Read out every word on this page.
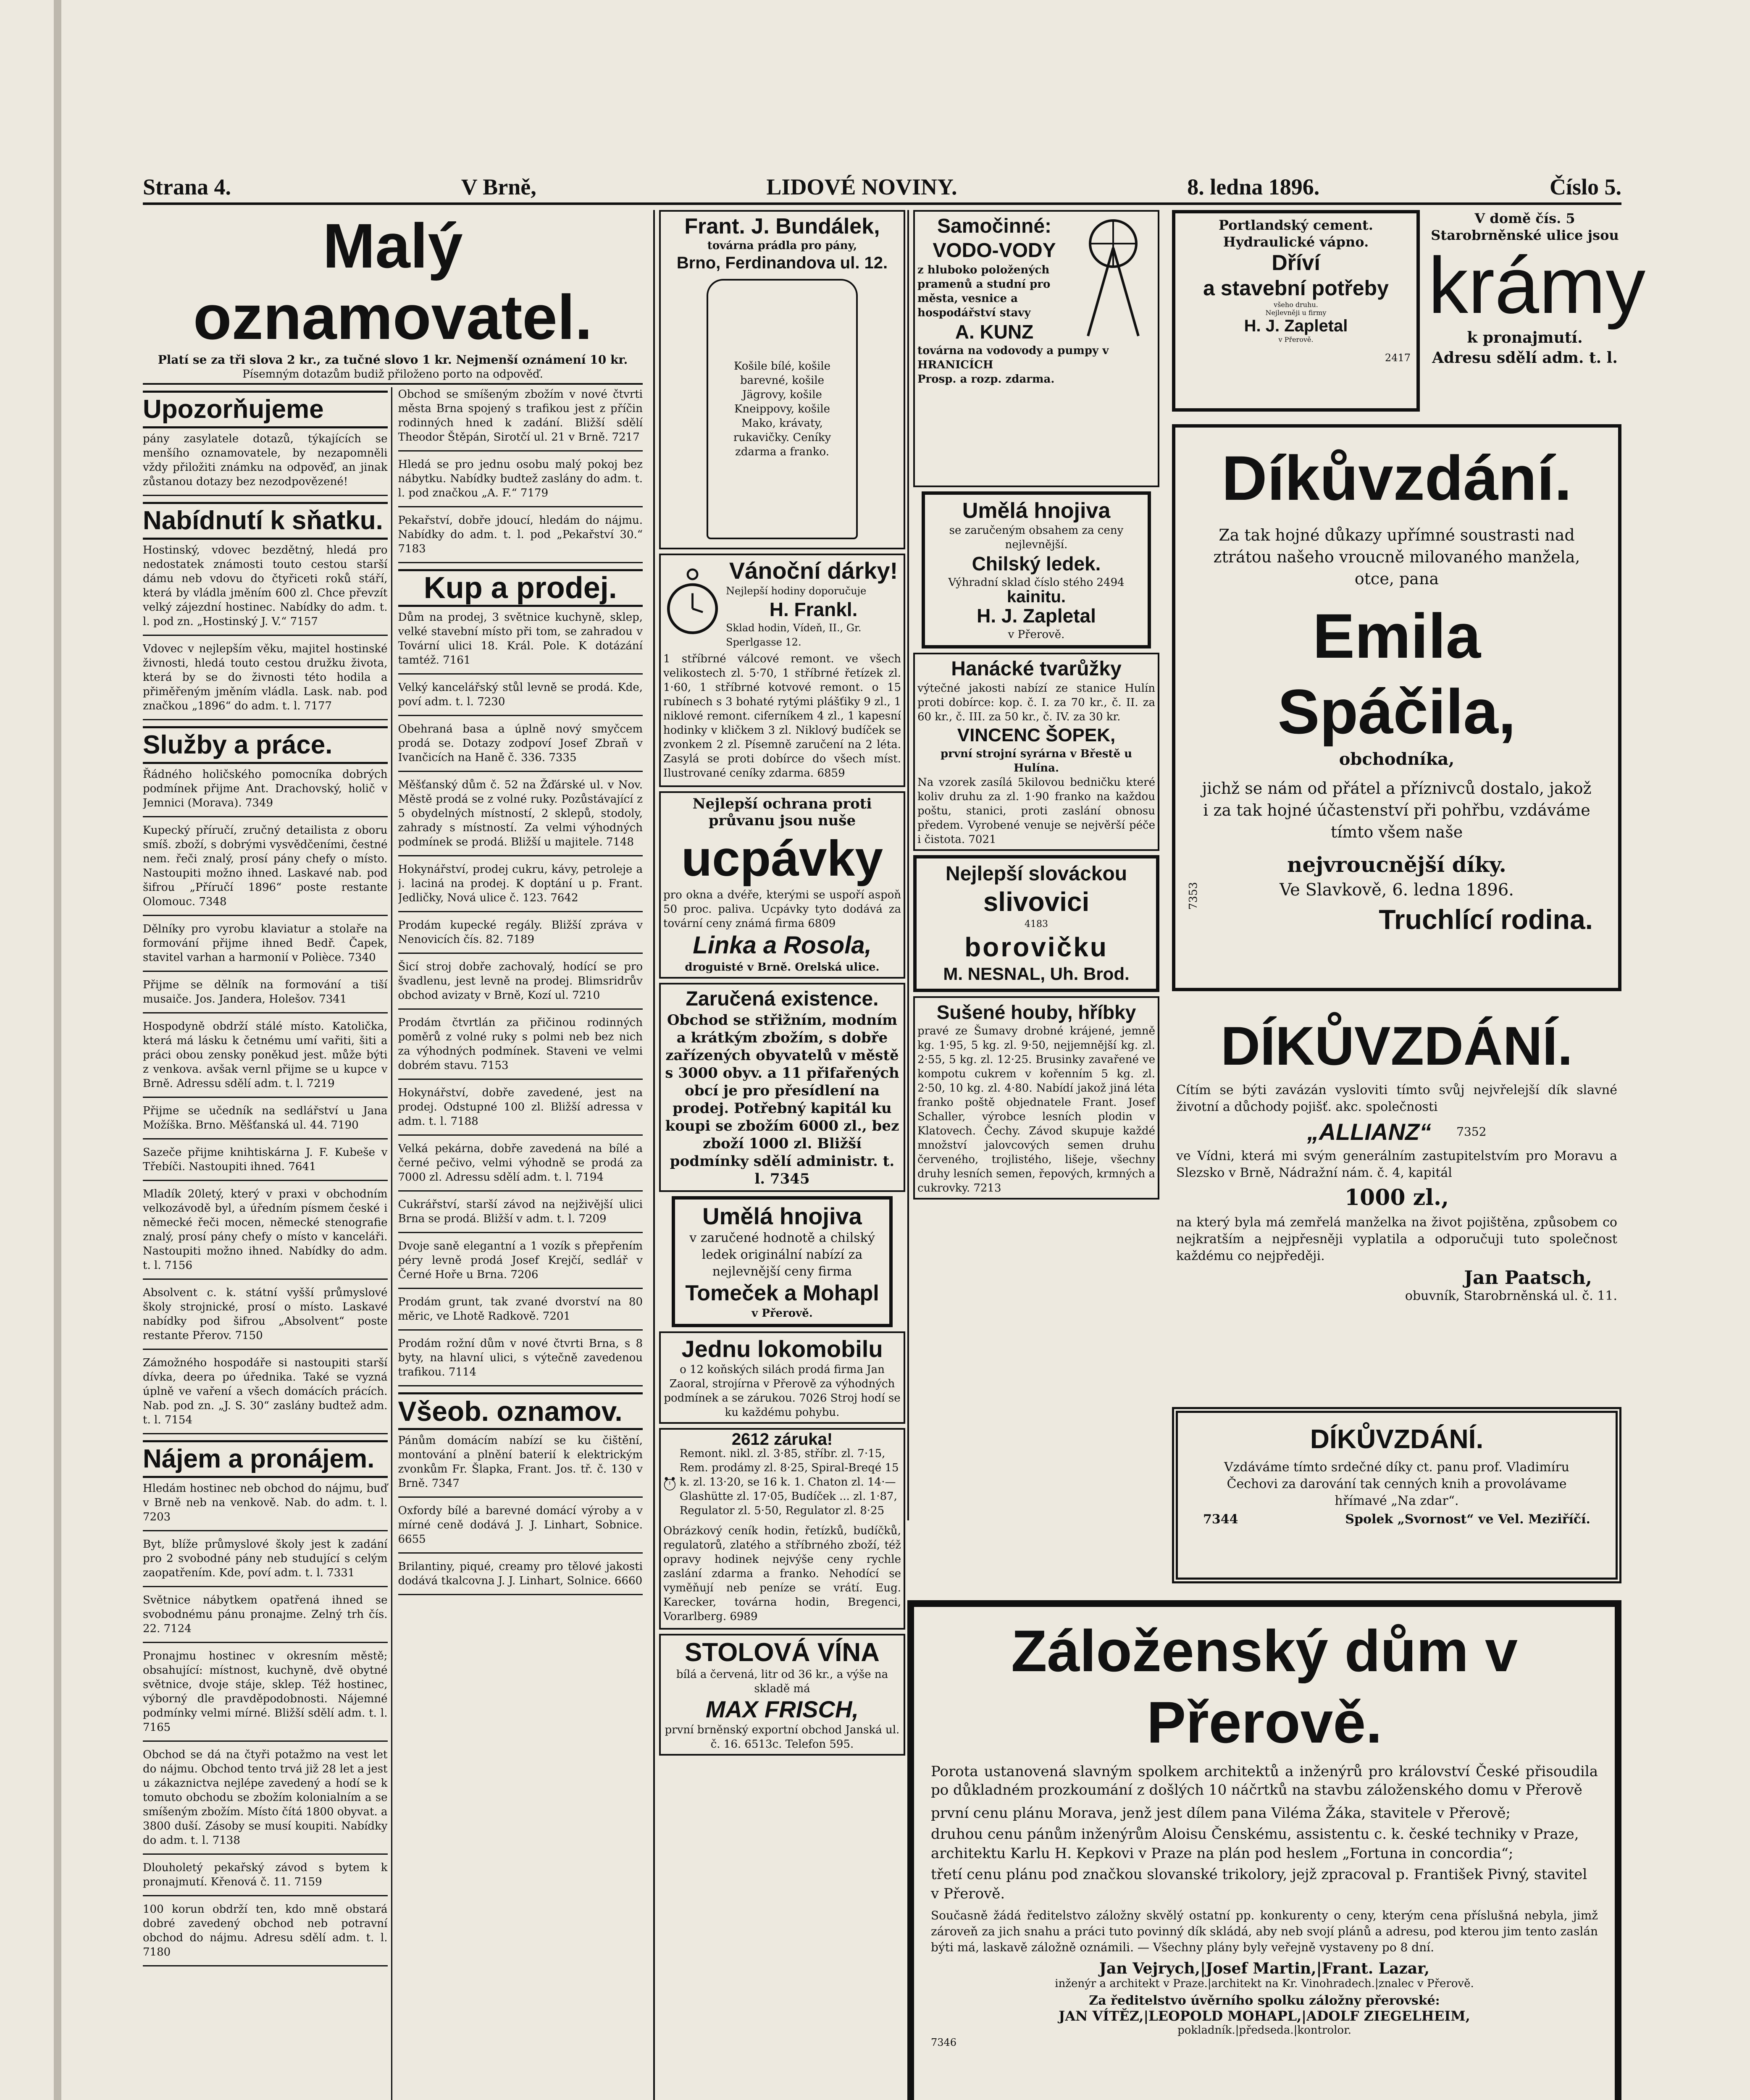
Strana 4.	V Brně,	LIDOVÉ NOVINY.	8. ledna 1896.	Číslo 5.
Malý oznamovatel.
Platí se za tři slova 2 kr., za tučné slovo 1 kr. Nejmenší oznámení 10 kr.
Písemným dotazům budiž přiloženo porto na odpověď.
Upozorňujeme

pány zasylatele dotazů, týkajících se menšího oznamovatele, by nezapomněli vždy přiložiti známku na odpověď, an jinak zůstanou dotazy bez nezodpovězené!

Nabídnutí k sňatku.

Hostinský, vdovec bezdětný, hledá pro nedostatek známosti touto cestou starší dámu neb vdovu do čtyřiceti roků stáří, která by vládla jměním 600 zl. Chce převzít velký zájezdní hostinec. Nabídky do adm. t. l. pod zn. „Hostinský J. V.“ 7157

Vdovec v nejlepším věku, majitel hostinské živnosti, hledá touto cestou družku života, která by se do živnosti této hodila a přiměřeným jměním vládla. Lask. nab. pod značkou „1896“ do adm. t. l. 7177

Služby a práce.

Řádného holičského pomocníka dobrých podmínek přijme Ant. Drachovský, holič v Jemnici (Morava). 7349

Kupecký příručí, zručný detailista z oboru smíš. zboží, s dobrými vysvědčeními, čestné nem. řeči znalý, prosí pány chefy o místo. Nastoupiti možno ihned. Laskavé nab. pod šifrou „Příručí 1896“ poste restante Olomouc. 7348

Dělníky pro vyrobu klaviatur a stolaře na formování přijme ihned Bedř. Čapek, stavitel varhan a harmonií v Polièce. 7340

Přijme se dělník na formování a tiší musaiče. Jos. Jandera, Holešov. 7341

Hospodyně obdrží stálé místo. Katolička, která má lásku k četnému umí vařiti, šiti a práci obou zensky poněkud jest. může býti z venkova. avšak vernl přijme se u kupce v Brně. Adressu sdělí adm. t. l. 7219

Přijme se učedník na sedlářství u Jana Možíška. Brno. Měšťanská ul. 44. 7190

Sazeče přijme knihtiskárna J. F. Kubeše v Třebíči. Nastoupiti ihned. 7641

Mladík 20letý, který v praxi v obchodním velkozávodě byl, a úředním písmem české i německé řeči mocen, německé stenografie znalý, prosí pány chefy o místo v kanceláři. Nastoupiti možno ihned. Nabídky do adm. t. l. 7156

Absolvent c. k. státní vyšší průmyslové školy strojnické, prosí o místo. Laskavé nabídky pod šifrou „Absolvent“ poste restante Přerov. 7150

Zámožného hospodáře si nastoupiti starší dívka, deera po úřednika. Také se vyzná úplně ve vaření a všech domácích prácích. Nab. pod zn. „J. S. 30“ zaslány budtež adm. t. l. 7154

Nájem a pronájem.

Hledám hostinec neb obchod do nájmu, buď v Brně neb na venkově. Nab. do adm. t. l. 7203

Byt, blíže průmyslové školy jest k zadání pro 2 svobodné pány neb studující s celým zaopatřením. Kde, poví adm. t. l. 7331

Světnice nábytkem opatřená ihned se svobodnému pánu pronajme. Zelný trh čís. 22. 7124

Pronajmu hostinec v okresním městě; obsahující: místnost, kuchyně, dvě obytné světnice, dvoje stáje, sklep. Též hostinec, výborný dle pravděpodobnosti. Nájemné podmínky velmi mírné. Bližší sdělí adm. t. l. 7165

Obchod se dá na čtyři potažmo na vest let do nájmu. Obchod tento trvá již 28 let a jest u zákaznictva nejlépe zavedený a hodí se k tomuto obchodu se zbožím kolonialním a se smíšeným zbožím. Místo čítá 1800 obyvat. a 3800 duší. Zásoby se musí koupiti. Nabídky do adm. t. l. 7138

Dlouholetý pekařský závod s bytem k pronajmutí. Křenová č. 11. 7159

100 korun obdrží ten, kdo mně obstará dobré zavedený obchod neb potravní obchod do nájmu. Adresu sdělí adm. t. l. 7180

Obchod se smíšeným zbožím v nové čtvrti města Brna spojený s trafikou jest z příčin rodinných hned k zadání. Bližší sdělí Theodor Štěpán, Sirotčí ul. 21 v Brně. 7217

Hledá se pro jednu osobu malý pokoj bez nábytku. Nabídky budtež zaslány do adm. t. l. pod značkou „A. F.“ 7179

Pekařství, dobře jdoucí, hledám do nájmu. Nabídky do adm. t. l. pod „Pekařství 30.“ 7183

Kup a prodej.

Dům na prodej, 3 světnice kuchyně, sklep, velké stavební místo při tom, se zahradou v Tovární ulici 18. Král. Pole. K dotázání tamtéž. 7161

Velký kancelářský stůl levně se prodá. Kde, poví adm. t. l. 7230

Obehraná basa a úplně nový smyčcem prodá se. Dotazy zodpoví Josef Zbraň v Ivančicích na Haně č. 336. 7335

Měšťanský dům č. 52 na Žďárské ul. v Nov. Městě prodá se z volné ruky. Pozůstávající z 5 obydelných místností, 2 sklepů, stodoly, zahrady s místností. Za velmi výhodných podmínek se prodá. Bližší u majitele. 7148

Hokynářství, prodej cukru, kávy, petroleje a j. laciná na prodej. K doptání u p. Frant. Jedličky, Nová ulice č. 123. 7642

Prodám kupecké regály. Bližší zpráva v Nenovicích čís. 82. 7189

Šicí stroj dobře zachovalý, hodící se pro švadlenu, jest levně na prodej. Blimsridrův obchod avizaty v Brně, Kozí ul. 7210

Prodám čtvrtlán za přičinou rodinných poměrů z volné ruky s polmi neb bez nich za výhodných podmínek. Staveni ve velmi dobrém stavu. 7153

Hokynářství, dobře zavedené, jest na prodej. Odstupné 100 zl. Bližší adressa v adm. t. l. 7188

Velká pekárna, dobře zavedená na bílé a černé pečivo, velmi výhodně se prodá za 7000 zl. Adressu sdělí adm. t. l. 7194

Cukrářství, starší závod na nejživější ulici Brna se prodá. Bližší v adm. t. l. 7209

Dvoje saně elegantní a 1 vozík s přepřením péry levně prodá Josef Krejčí, sedlář v Černé Hoře u Brna. 7206

Prodám grunt, tak zvané dvorství na 80 měric, ve Lhotě Radkově. 7201

Prodám rožní dům v nové čtvrti Brna, s 8 byty, na hlavní ulici, s výtečně zavedenou trafikou. 7114

Všeob. oznamov.

Pánům domácím nabízí se ku čištění, montování a plnění baterií k elektrickým zvonkům Fr. Šlapka, Frant. Jos. tř. č. 130 v Brně. 7347

Oxfordy bílé a barevné domácí výroby a v mírné ceně dodává J. J. Linhart, Sobnice. 6655

Brilantiny, piqué, creamy pro tělové jakosti dodává tkalcovna J. J. Linhart, Solnice. 6660

Frant. J. Bundálek,
továrna prádla pro pány,
Brno, Ferdinandova ul. 12.
Košile bílé, košile barevné, košile Jägrovy, košile Kneippovy, košile Mako, krávaty, rukavičky. Ceníky zdarma a franko.
Vánoční dárky!
Nejlepší hodiny doporučuje
H. Frankl.
Sklad hodin, Vídeň, II., Gr. Sperlgasse 12.

1 stříbrné válcové remont. ve všech velikostech zl. 5·70, 1 stříbrné řetízek zl. 1·60, 1 stříbrné kotvové remont. o 15 rubínech s 3 bohaté rytými plášťiky 9 zl., 1 niklové remont. ciferníkem 4 zl., 1 kapesní hodinky v kličkem 3 zl. Niklový budíček se zvonkem 2 zl. Písemně zaručení na 2 léta. Zasylá se proti dobírce do všech míst. Ilustrované ceníky zdarma. 6859

Nejlepší ochrana proti průvanu jsou nuše
ucpávky

pro okna a dvéře, kterými se uspoří aspoň 50 proc. paliva. Ucpávky tyto dodává za tovární ceny známá firma 6809

Linka a Rosola,
droguisté v Brně. Orelská ulice.
Zaručená existence.

Obchod se střižním, modním a krátkým zbožím, s dobře zařízených obyvatelů v městě s 3000 obyv. a 11 přifařených obcí je pro přesídlení na prodej. Potřebný kapitál ku koupi se zbožím 6000 zl., bez zboží 1000 zl. Bližší podmínky sdělí administr. t. l. 7345

Umělá hnojiva

v zaručené hodnotě a chilský ledek originální nabízí za nejlevnější ceny firma

Tomeček a Mohapl
v Přerově.
Jednu lokomobilu

o 12 koňských silách prodá firma Jan Zaoral, strojírna v Přerově za výhodných podmínek a se zárukou. 7026 Stroj hodí se ku každému pohybu.

2612 záruka!
Remont. nikl. zl. 3·85, stříbr. zl. 7·15, Rem. prodámy zl. 8·25, Spiral-Breqé 15 k. zl. 13·20, se 16 k. 1. Chaton zl. 14·— Glashütte zl. 17·05, Budíček ... zl. 1·87, Regulator zl. 5·50, Regulator zl. 8·25

Obrázkový ceník hodin, řetízků, budíčků, regulatorů, zlatého a stříbrného zboží, též opravy hodinek nejvýše ceny rychle zaslání zdarma a franko. Nehodící se vyměňují neb peníze se vrátí. Eug. Karecker, továrna hodin, Bregenci, Vorarlberg. 6989

STOLOVÁ VÍNA
bílá a červená, litr od 36 kr., a výše na skladě má
MAX FRISCH,
první brněnský exportní obchod Janská ul. č. 16. 6513c. Telefon 595.
Samočinné: VODO-VODY
z hluboko položených pramenů a studní pro města, vesnice a hospodářství stavy
A. KUNZ
továrna na vodovody a pumpy v HRANICÍCH
Prosp. a rozp. zdarma.
Umělá hnojiva
se zaručeným obsahem za ceny nejlevnější.
Chilský ledek.
Výhradní sklad číslo stého 2494
kainitu.
H. J. Zapletal
v Přerově.
Hanácké tvarůžky

výtečné jakosti nabízí ze stanice Hulín proti dobírce: kop. č. I. za 70 kr., č. II. za 60 kr., č. III. za 50 kr., č. IV. za 30 kr.

VINCENC ŠOPEK,
první strojní syrárna v Břestě u Hulína.

Na vzorek zasílá 5kilovou bedničku které koliv druhu za zl. 1·90 franko na každou poštu, stanici, proti zaslání obnosu předem. Vyrobené venuje se nejvěrší péče i čistota. 7021

Nejlepší slováckou
slivovici
4183
borovičku
M. NESNAL, Uh. Brod.
Sušené houby, hříbky

pravé ze Šumavy drobné krájené, jemně kg. 1·95, 5 kg. zl. 9·50, nejjemnější kg. zl. 2·55, 5 kg. zl. 12·25. Brusinky zavařené ve kompotu cukrem v kořenním 5 kg. zl. 2·50, 10 kg. zl. 4·80. Nabídí jakož jiná léta franko poště objednatele Frant. Josef Schaller, výrobce lesních plodin v Klatovech. Čechy. Závod skupuje každé množství jalovcových semen druhu červeného, trojlistého, lišeje, všechny druhy lesních semen, řepových, krmných a cukrovky. 7213

Portlandský cement. Hydraulické vápno.
Dříví
a stavební potřeby
všeho druhu.
Nejlevněji u firmy
H. J. Zapletal
v Přerově.
2417
V domě čís. 5 Starobrněnské ulice jsou
krámy
k pronajmutí.
Adresu sdělí adm. t. l.
Díkůvzdání.

Za tak hojné důkazy upřímné soustrasti nad ztrátou našeho vroucně milovaného manžela, otce, pana

Emila Spáčila,
obchodníka,

jichž se nám od přátel a příznivců dostalo, jakož i za tak hojné účastenství při pohřbu, vzdáváme tímto všem naše

nejvroucnější díky.
Ve Slavkově, 6. ledna 1896.
Truchlící rodina.
7353
DÍKŮVZDÁNÍ.

Cítím se býti zavázán vysloviti tímto svůj nejvřelejší dík slavné životní a důchody pojišť. akc. společnosti

„ALLIANZ“ 7352

ve Vídni, která mi svým generálním zastupitelstvím pro Moravu a Slezsko v Brně, Nádražní nám. č. 4, kapitál

1000 zl.,

na který byla má zemřelá manželka na život pojištěna, způsobem co nejkratším a nejpřesněji vyplatila a odporučuji tuto společnost každému co nejpřeději.

Jan Paatsch,
obuvník, Starobrněnská ul. č. 11.
DÍKŮVZDÁNÍ.

Vzdáváme tímto srdečné díky ct. panu prof. Vladimíru Čechovi za darování tak cenných knih a provolávame hřímavé „Na zdar“.

7344	Spolek „Svornost“ ve Vel. Meziříčí.
Záloženský dům v Přerově.

Porota ustanovená slavným spolkem architektů a inženýrů pro království České přisoudila po důkladném prozkoumání z došlých 10 náčrtků na stavbu záloženského domu v Přerově

první cenu plánu Morava, jenž jest dílem pana Viléma Žáka, stavitele v Přerově;

druhou cenu pánům inženýrům Aloisu Čenskému, assistentu c. k. české techniky v Praze, architektu Karlu H. Kepkovi v Praze na plán pod heslem „Fortuna in concordia“;

třetí cenu plánu pod značkou slovanské trikolory, jejž zpracoval p. František Pivný, stavitel v Přerově.

Současně žádá ředitelstvo záložny skvělý ostatní pp. konkurenty o ceny, kterým cena příslušná nebyla, jimž zároveň za jich snahu a práci tuto povinný dík skládá, aby neb svojí plánů a adresu, pod kterou jim tento zaslán býti má, laskavě záložně oznámili. — Všechny plány byly veřejně vystaveny po 8 dní.

Jan Vejrych,|Josef Martin,|Frant. Lazar,
inženýr a architekt v Praze.|architekt na Kr. Vinohradech.|znalec v Přerově.
Za ředitelstvo úvěrního spolku záložny přerovské:
JAN VÍTĚZ,|LEOPOLD MOHAPL,|ADOLF ZIEGELHEIM,
pokladník.|předseda.|kontrolor.
7346
